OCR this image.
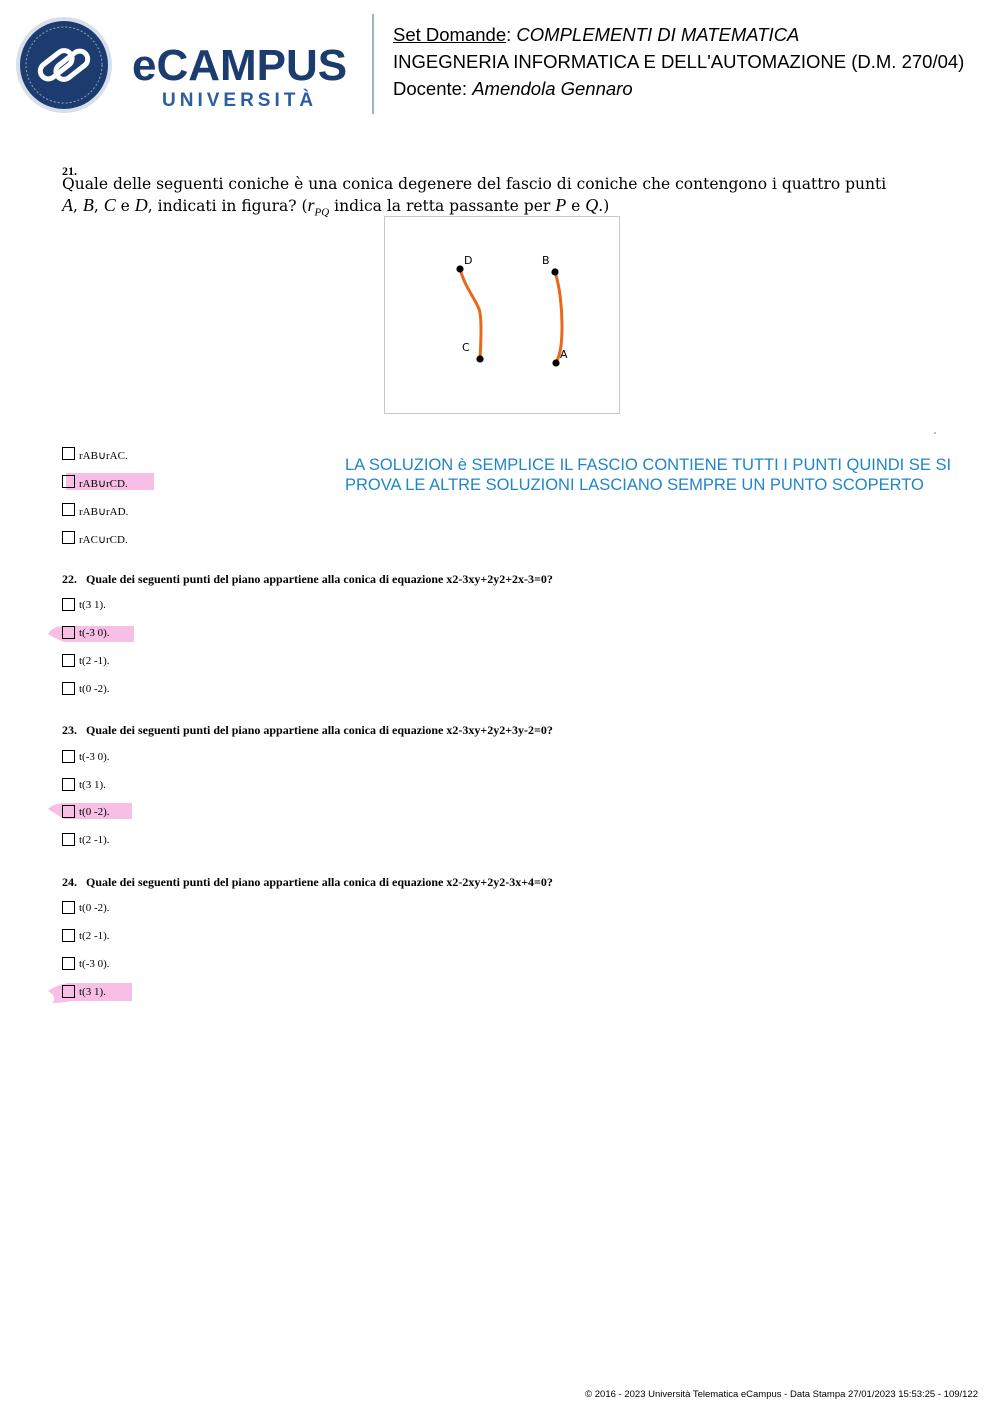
eCAMPUS
UNIVERSITÀ
Set Domande: COMPLEMENTI DI MATEMATICA
INGEGNERIA INFORMATICA E DELL'AUTOMAZIONE (D.M. 270/04)
Docente: Amendola Gennaro
21.
Quale delle seguenti coniche è una conica degenere del fascio di coniche che contengono i quattro punti
A, B, C e D, indicati in figura? ($r_{PQ}$ indica la retta passante per P e Q.)
D	B
C
A
rAB∪rAC.
rAB∪rCD.
rAB∪rAD.
rAC∪rCD.
LA SOLUZION è SEMPLICE IL FASCIO CONTIENE TUTTI I PUNTI QUINDI SE SI PROVA LE ALTRE SOLUZIONI LASCIANO SEMPRE UN PUNTO SCOPERTO
22. Quale dei seguenti punti del piano appartiene alla conica di equazione x2-3xy+2y2+2x-3=0?
t(3 1).
t(-3 0).
t(2 -1).
t(0 -2).
23. Quale dei seguenti punti del piano appartiene alla conica di equazione x2-3xy+2y2+3y-2=0?
t(-3 0).
t(3 1).
t(0 -2).
t(2 -1).
24. Quale dei seguenti punti del piano appartiene alla conica di equazione x2-2xy+2y2-3x+4=0?
t(0 -2).
t(2 -1).
t(-3 0).
t(3 1).
© 2016 - 2023 Università Telematica eCampus - Data Stampa 27/01/2023 15:53:25 - 109/122
